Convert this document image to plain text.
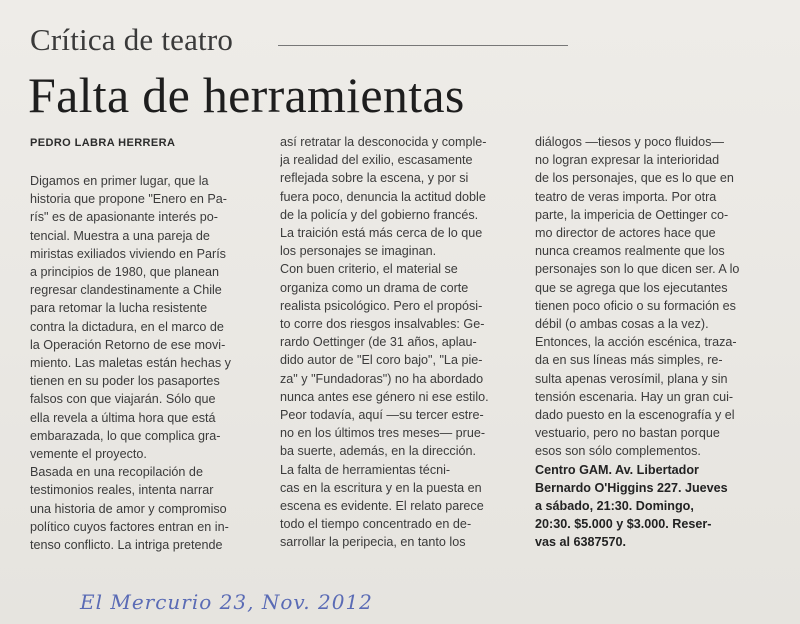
Crítica de teatro
Falta de herramientas
PEDRO LABRA HERRERA
Digamos en primer lugar, que la
historia que propone "Enero en Pa-
rís" es de apasionante interés po-
tencial. Muestra a una pareja de
miristas exiliados viviendo en París
a principios de 1980, que planean
regresar clandestinamente a Chile
para retomar la lucha resistente
contra la dictadura, en el marco de
la Operación Retorno de ese movi-
miento. Las maletas están hechas y
tienen en su poder los pasaportes
falsos con que viajarán. Sólo que
ella revela a última hora que está
embarazada, lo que complica gra-
vemente el proyecto.
Basada en una recopilación de
testimonios reales, intenta narrar
una historia de amor y compromiso
político cuyos factores entran en in-
tenso conflicto. La intriga pretende
así retratar la desconocida y comple-
ja realidad del exilio, escasamente
reflejada sobre la escena, y por si
fuera poco, denuncia la actitud doble
de la policía y del gobierno francés.
La traición está más cerca de lo que
los personajes se imaginan.
Con buen criterio, el material se
organiza como un drama de corte
realista psicológico. Pero el propósi-
to corre dos riesgos insalvables: Ge-
rardo Oettinger (de 31 años, aplau-
dido autor de "El coro bajo", "La pie-
za" y "Fundadoras") no ha abordado
nunca antes ese género ni ese estilo.
Peor todavía, aquí —su tercer estre-
no en los últimos tres meses— prue-
ba suerte, además, en la dirección.
La falta de herramientas técni-
cas en la escritura y en la puesta en
escena es evidente. El relato parece
todo el tiempo concentrado en de-
sarrollar la peripecia, en tanto los
diálogos —tiesos y poco fluidos—
no logran expresar la interioridad
de los personajes, que es lo que en
teatro de veras importa. Por otra
parte, la impericia de Oettinger co-
mo director de actores hace que
nunca creamos realmente que los
personajes son lo que dicen ser. A lo
que se agrega que los ejecutantes
tienen poco oficio o su formación es
débil (o ambas cosas a la vez).
Entonces, la acción escénica, traza-
da en sus líneas más simples, re-
sulta apenas verosímil, plana y sin
tensión escenaria. Hay un gran cui-
dado puesto en la escenografía y el
vestuario, pero no bastan porque
esos son sólo complementos.
Centro GAM. Av. Libertador
Bernardo O'Higgins 227. Jueves
a sábado, 21:30. Domingo,
20:30. $5.000 y $3.000. Reser-
vas al 6387570.
El Mercurio 23, Nov. 2012
